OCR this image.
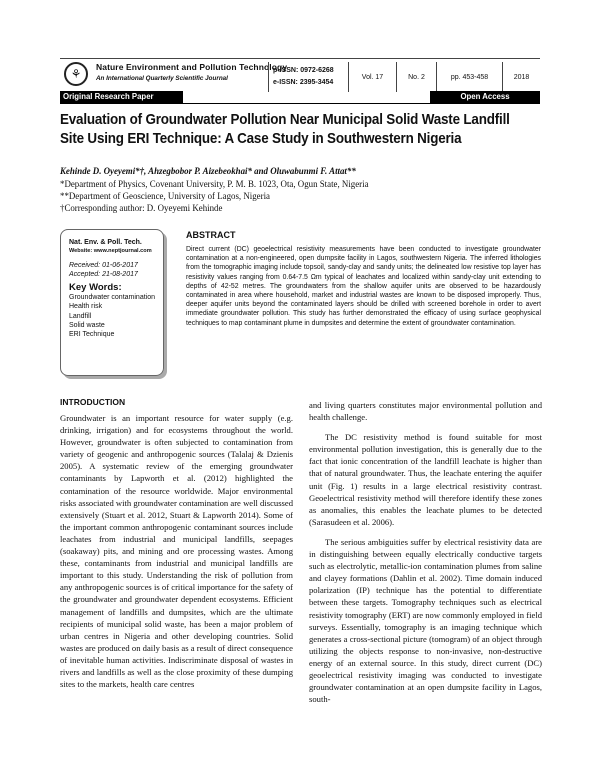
⚘	Nature Environment and Pollution Technology
An International Quarterly Scientific Journal
p-ISSN: 0972-6268
e-ISSN: 2395-3454
Vol. 17	No. 2	pp. 453-458	2018
Original Research Paper	Open Access
Evaluation of Groundwater Pollution Near Municipal Solid Waste Landfill Site Using ERI Technique: A Case Study in Southwestern Nigeria
Kehinde D. Oyeyemi*†, Ahzegbobor P. Aizebeokhai* and Oluwabunmi F. Attat**
*Department of Physics, Covenant University, P. M. B. 1023, Ota, Ogun State, Nigeria
**Department of Geoscience, University of Lagos, Nigeria
†Corresponding author: D. Oyeyemi Kehinde
Nat. Env. & Poll. Tech.
Website: www.neptjournal.com
Received: 01-06-2017
Accepted: 21-08-2017
Key Words:
Groundwater contamination
Health risk
Landfill
Solid waste
ERI Technique
ABSTRACT
Direct current (DC) geoelectrical resistivity measurements have been conducted to investigate groundwater contamination at a non-engineered, open dumpsite facility in Lagos, southwestern Nigeria. The inferred lithologies from the tomographic imaging include topsoil, sandy-clay and sandy units; the delineated low resistive top layer has resistivity values ranging from 0.64-7.5 Ωm typical of leachates and localized within sandy-clay unit extending to depths of 42-52 metres. The groundwaters from the shallow aquifer units are observed to be hazardously contaminated in area where household, market and industrial wastes are known to be disposed improperly. Thus, deeper aquifer units beyond the contaminated layers should be drilled with screened borehole in order to avert immediate groundwater pollution. This study has further demonstrated the efficacy of using surface geophysical techniques to map contaminant plume in dumpsites and determine the extent of groundwater contamination.
INTRODUCTION

Groundwater is an important resource for water supply (e.g. drinking, irrigation) and for ecosystems throughout the world. However, groundwater is often subjected to contamination from variety of geogenic and anthropogenic sources (Talalaj & Dzienis 2005). A systematic review of the emerging groundwater contaminants by Lapworth et al. (2012) highlighted the contamination of the resource worldwide. Major environmental risks associated with groundwater contamination are well discussed extensively (Stuart et al. 2012, Stuart & Lapworth 2014). Some of the important common anthropogenic contaminant sources include leachates from industrial and municipal landfills, seepages (soakaway) pits, and mining and ore processing wastes. Among these, contaminants from industrial and municipal landfills are important to this study. Understanding the risk of pollution from any anthropogenic sources is of critical importance for the safety of the groundwater and groundwater dependent ecosystems. Efficient management of landfills and dumpsites, which are the ultimate recipients of municipal solid waste, has been a major problem of urban centres in Nigeria and other developing countries. Solid wastes are produced on daily basis as a result of direct consequence of inevitable human activities. Indiscriminate disposal of wastes in rivers and landfills as well as the close proximity of these dumping sites to the markets, health care centres

and living quarters constitutes major environmental pollution and health challenge.

The DC resistivity method is found suitable for most environmental pollution investigation, this is generally due to the fact that ionic concentration of the landfill leachate is higher than that of natural groundwater. Thus, the leachate entering the aquifer unit (Fig. 1) results in a large electrical resistivity contrast. Geoelectrical resistivity method will therefore identify these zones as anomalies, this enables the leachate plumes to be detected (Sarasudeen et al. 2006).

The serious ambiguities suffer by electrical resistivity data are in distinguishing between equally electrically conductive targets such as electrolytic, metallic-ion contamination plumes from saline and clayey formations (Dahlin et al. 2002). Time domain induced polarization (IP) technique has the potential to differentiate between these targets. Tomography techniques such as electrical resistivity tomography (ERT) are now commonly employed in field surveys. Essentially, tomography is an imaging technique which generates a cross-sectional picture (tomogram) of an object through utilizing the objects response to non-invasive, non-destructive energy of an external source. In this study, direct current (DC) geoelectrical resistivity imaging was conducted to investigate groundwater contamination at an open dumpsite facility in Lagos, south-
